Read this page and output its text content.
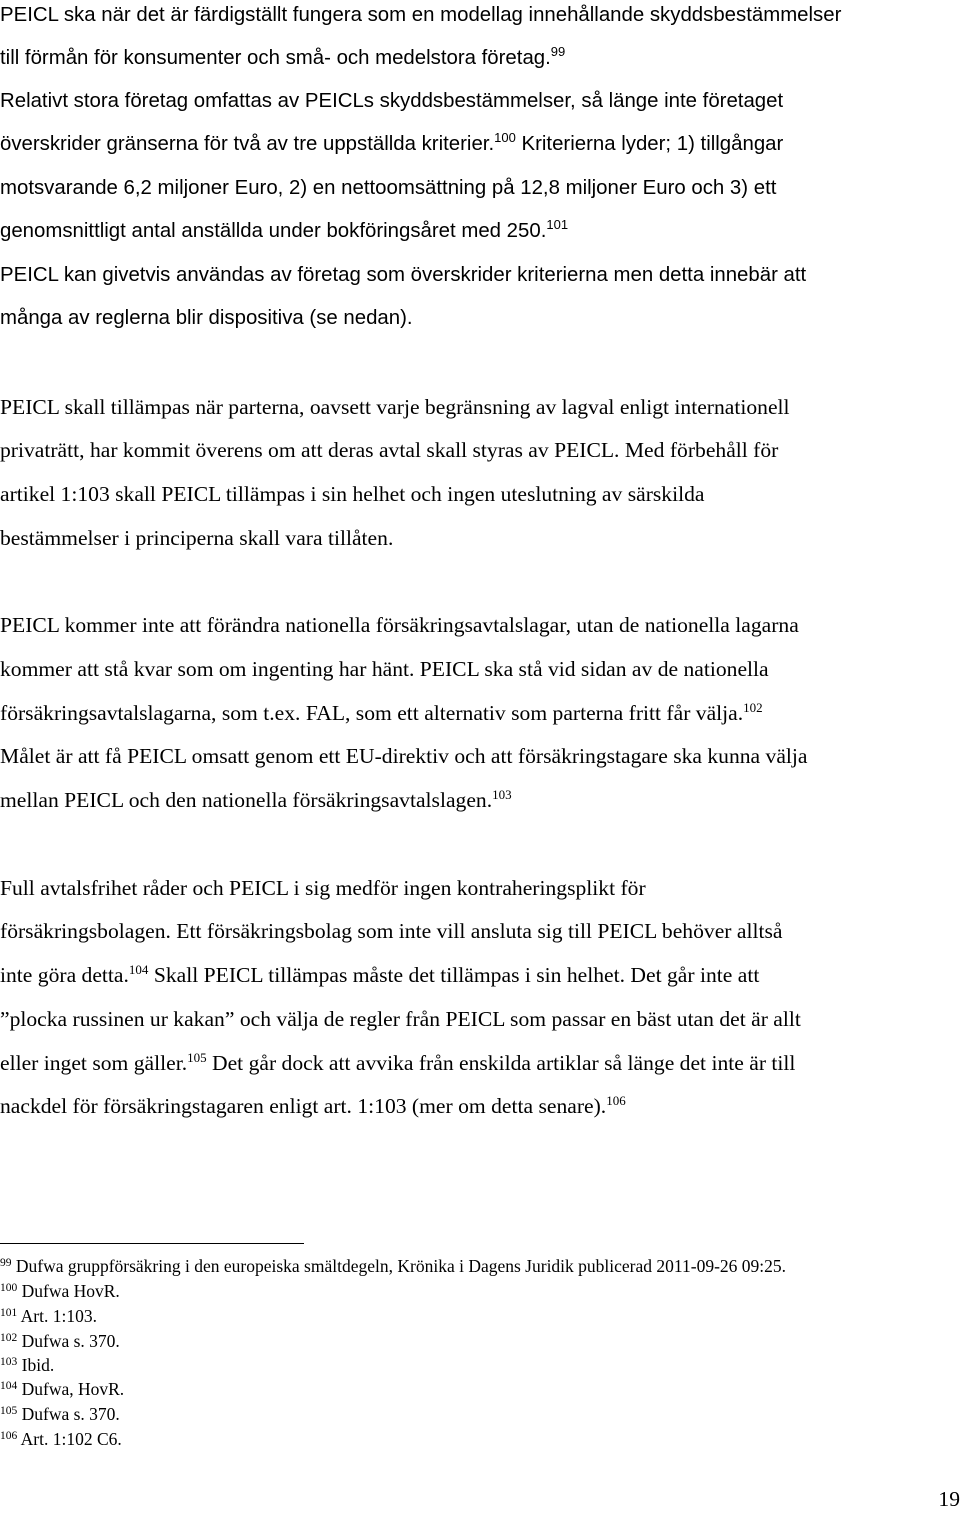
PEICL ska när det är färdigställt fungera som en modellag innehållande skyddsbestämmelser

till förmån för konsumenter och små- och medelstora företag.$^{99}$

Relativt stora företag omfattas av PEICLs skyddsbestämmelser, så länge inte företaget

överskrider gränserna för två av tre uppställda kriterier.$^{100}$ Kriterierna lyder; 1) tillgångar

motsvarande 6,2 miljoner Euro, 2) en nettoomsättning på 12,8 miljoner Euro och 3) ett

genomsnittligt antal anställda under bokföringsåret med 250.$^{101}$

PEICL kan givetvis användas av företag som överskrider kriterierna men detta innebär att

många av reglerna blir dispositiva (se nedan).

PEICL skall tillämpas när parterna, oavsett varje begränsning av lagval enligt internationell

privaträtt, har kommit överens om att deras avtal skall styras av PEICL. Med förbehåll för

artikel 1:103 skall PEICL tillämpas i sin helhet och ingen uteslutning av särskilda

bestämmelser i principerna skall vara tillåten.

PEICL kommer inte att förändra nationella försäkringsavtalslagar, utan de nationella lagarna

kommer att stå kvar som om ingenting har hänt. PEICL ska stå vid sidan av de nationella

försäkringsavtalslagarna, som t.ex. FAL, som ett alternativ som parterna fritt får välja.$^{102}$

Målet är att få PEICL omsatt genom ett EU-direktiv och att försäkringstagare ska kunna välja

mellan PEICL och den nationella försäkringsavtalslagen.$^{103}$

Full avtalsfrihet råder och PEICL i sig medför ingen kontraheringsplikt för

försäkringsbolagen. Ett försäkringsbolag som inte vill ansluta sig till PEICL behöver alltså

inte göra detta.$^{104}$ Skall PEICL tillämpas måste det tillämpas i sin helhet. Det går inte att

”plocka russinen ur kakan” och välja de regler från PEICL som passar en bäst utan det är allt

eller inget som gäller.$^{105}$ Det går dock att avvika från enskilda artiklar så länge det inte är till

nackdel för försäkringstagaren enligt art. 1:103 (mer om detta senare).$^{106}$

$^{99}$ Dufwa gruppförsäkring i den europeiska smältdegeln, Krönika i Dagens Juridik publicerad 2011-09-26 09:25.

$^{100}$ Dufwa HovR.

$^{101}$ Art. 1:103.

$^{102}$ Dufwa s. 370.

$^{103}$ Ibid.

$^{104}$ Dufwa, HovR.

$^{105}$ Dufwa s. 370.

$^{106}$ Art. 1:102 C6.

19
